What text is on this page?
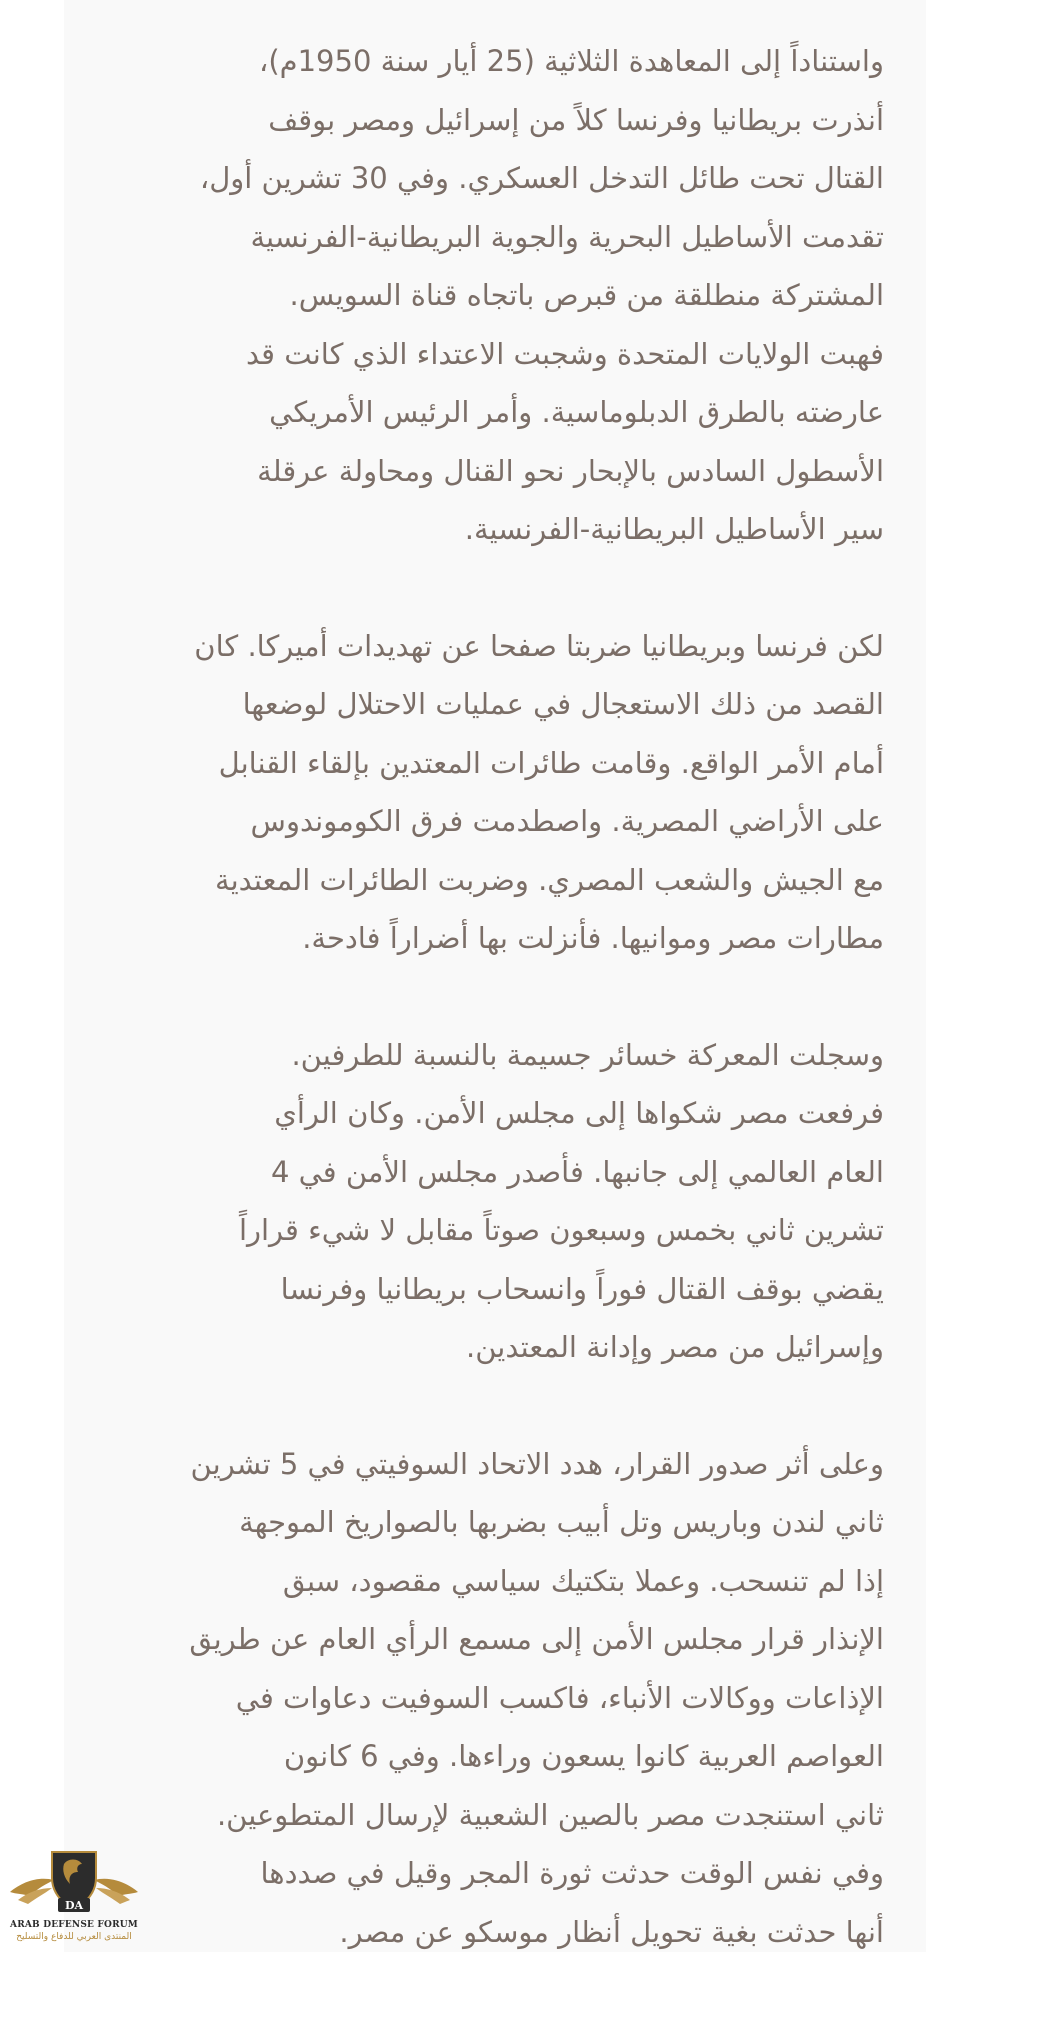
واستناداً إلى المعاهدة الثلاثية (25 أيار سنة 1950م)،
أنذرت بريطانيا وفرنسا كلاً من إسرائيل ومصر بوقف
القتال تحت طائل التدخل العسكري. وفي 30 تشرين أول،
تقدمت الأساطيل البحرية والجوية البريطانية-الفرنسية
المشتركة منطلقة من قبرص باتجاه قناة السويس.
فهبت الولايات المتحدة وشجبت الاعتداء الذي كانت قد
عارضته بالطرق الدبلوماسية. وأمر الرئيس الأمريكي
الأسطول السادس بالإبحار نحو القنال ومحاولة عرقلة
سير الأساطيل البريطانية-الفرنسية.

لكن فرنسا وبريطانيا ضربتا صفحا عن تهديدات أميركا. كان
القصد من ذلك الاستعجال في عمليات الاحتلال لوضعها
أمام الأمر الواقع. وقامت طائرات المعتدين بإلقاء القنابل
على الأراضي المصرية. واصطدمت فرق الكوموندوس
مع الجيش والشعب المصري. وضربت الطائرات المعتدية
مطارات مصر وموانيها. فأنزلت بها أضراراً فادحة.

وسجلت المعركة خسائر جسيمة بالنسبة للطرفين.
فرفعت مصر شكواها إلى مجلس الأمن. وكان الرأي
العام العالمي إلى جانبها. فأصدر مجلس الأمن في 4
تشرين ثاني بخمس وسبعون صوتاً مقابل لا شيء قراراً
يقضي بوقف القتال فوراً وانسحاب بريطانيا وفرنسا
وإسرائيل من مصر وإدانة المعتدين.

وعلى أثر صدور القرار، هدد الاتحاد السوفيتي في 5 تشرين
ثاني لندن وباريس وتل أبيب بضربها بالصواريخ الموجهة
إذا لم تنسحب. وعملا بتكتيك سياسي مقصود، سبق
الإنذار قرار مجلس الأمن إلى مسمع الرأي العام عن طريق
الإذاعات ووكالات الأنباء، فاكسب السوفيت دعاوات في
العواصم العربية كانوا يسعون وراءها. وفي 6 كانون
ثاني استنجدت مصر بالصين الشعبية لإرسال المتطوعين.
وفي نفس الوقت حدثت ثورة المجر وقيل في صددها
أنها حدثت بغية تحويل أنظار موسكو عن مصر.

DA
ARAB DEFENSE FORUM
المنتدى العربي للدفاع والتسليح
